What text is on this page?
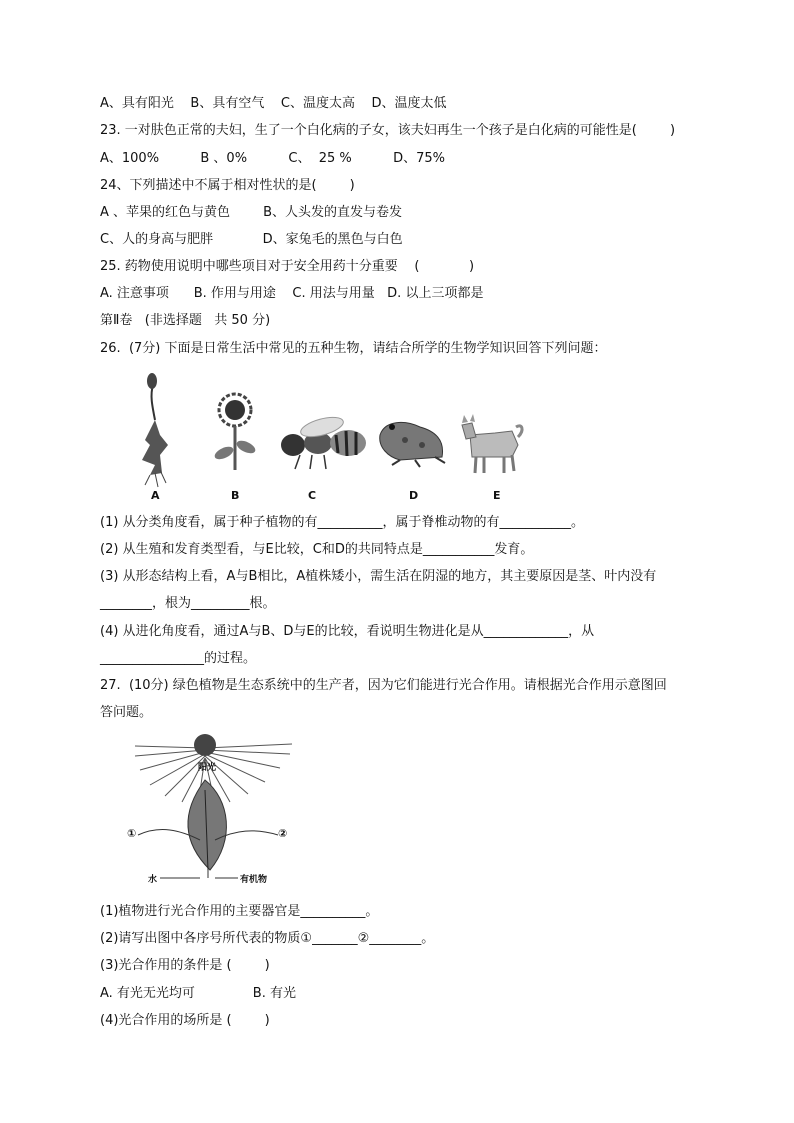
A、具有阳光    B、具有空气    C、温度太高    D、温度太低
23. 一对肤色正常的夫妇，生了一个白化病的子女，该夫妇再生一个孩子是白化病的可能性是(        )
A、100%          B 、0%          C、  25 %          D、75%
24、下列描述中不属于相对性状的是(        )
A 、苹果的红色与黄色        B、人头发的直发与卷发
C、人的身高与肥胖            D、家兔毛的黑色与白色
25. 药物使用说明中哪些项目对于安全用药十分重要    (            )
A. 注意事项      B. 作用与用途    C. 用法与用量   D. 以上三项都是
第Ⅱ卷   (非选择题   共 50 分)
26.  (7分) 下面是日常生活中常见的五种生物，请结合所学的生物学知识回答下列问题：
A	B	C	D	E
(1) 从分类角度看，属于种子植物的有__________，属于脊椎动物的有___________。
(2) 从生殖和发育类型看，与E比较，C和D的共同特点是___________发育。
(3) 从形态结构上看，A与B相比，A植株矮小，需生活在阴湿的地方，其主要原因是茎、叶内没有
________，根为_________根。
(4) 从进化角度看，通过A与B、D与E的比较，看说明生物进化是从_____________，从
________________的过程。
27.  (10分) 绿色植物是生态系统中的生产者，因为它们能进行光合作用。请根据光合作用示意图回
答问题。
阳光
①	②
水	有机物
(1)植物进行光合作用的主要器官是__________。
(2)请写出图中各序号所代表的物质①_______②________。
(3)光合作用的条件是 (        )
A. 有光无光均可              B. 有光
(4)光合作用的场所是 (        )
